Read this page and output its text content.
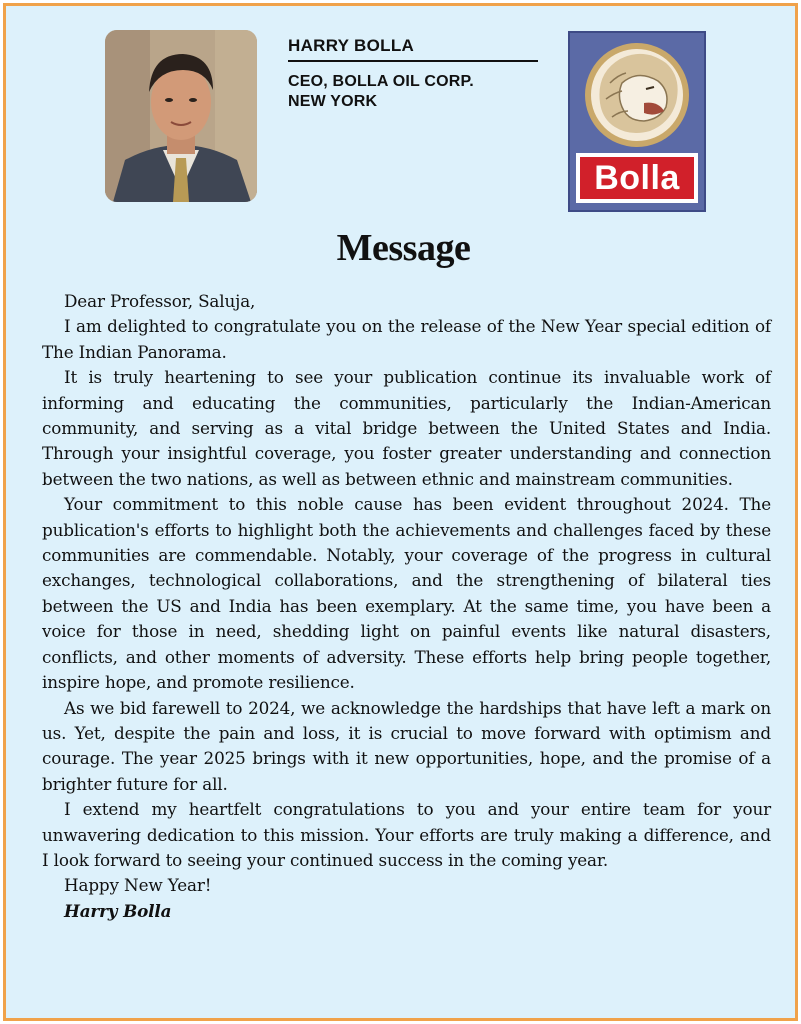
HARRY BOLLA
CEO, BOLLA OIL CORP.
NEW YORK
Bolla
Message

Dear Professor, Saluja,

I am delighted to congratulate you on the release of the New Year special edition of The Indian Panorama.

It is truly heartening to see your publication continue its invaluable work of informing and educating the communities, particularly the Indian-American community, and serving as a vital bridge between the United States and India. Through your insightful coverage, you foster greater understanding and connection between the two nations, as well as between ethnic and mainstream communities.

Your commitment to this noble cause has been evident throughout 2024. The publication's efforts to highlight both the achievements and challenges faced by these communities are commendable. Notably, your coverage of the progress in cultural exchanges, technological collaborations, and the strengthening of bilateral ties between the US and India has been exemplary. At the same time, you have been a voice for those in need, shedding light on painful events like natural disasters, conflicts, and other moments of adversity. These efforts help bring people together, inspire hope, and promote resilience.

As we bid farewell to 2024, we acknowledge the hardships that have left a mark on us. Yet, despite the pain and loss, it is crucial to move forward with optimism and courage. The year 2025 brings with it new opportunities, hope, and the promise of a brighter future for all.

I extend my heartfelt congratulations to you and your entire team for your unwavering dedication to this mission. Your efforts are truly making a difference, and I look forward to seeing your continued success in the coming year.

Happy New Year!

Harry Bolla
